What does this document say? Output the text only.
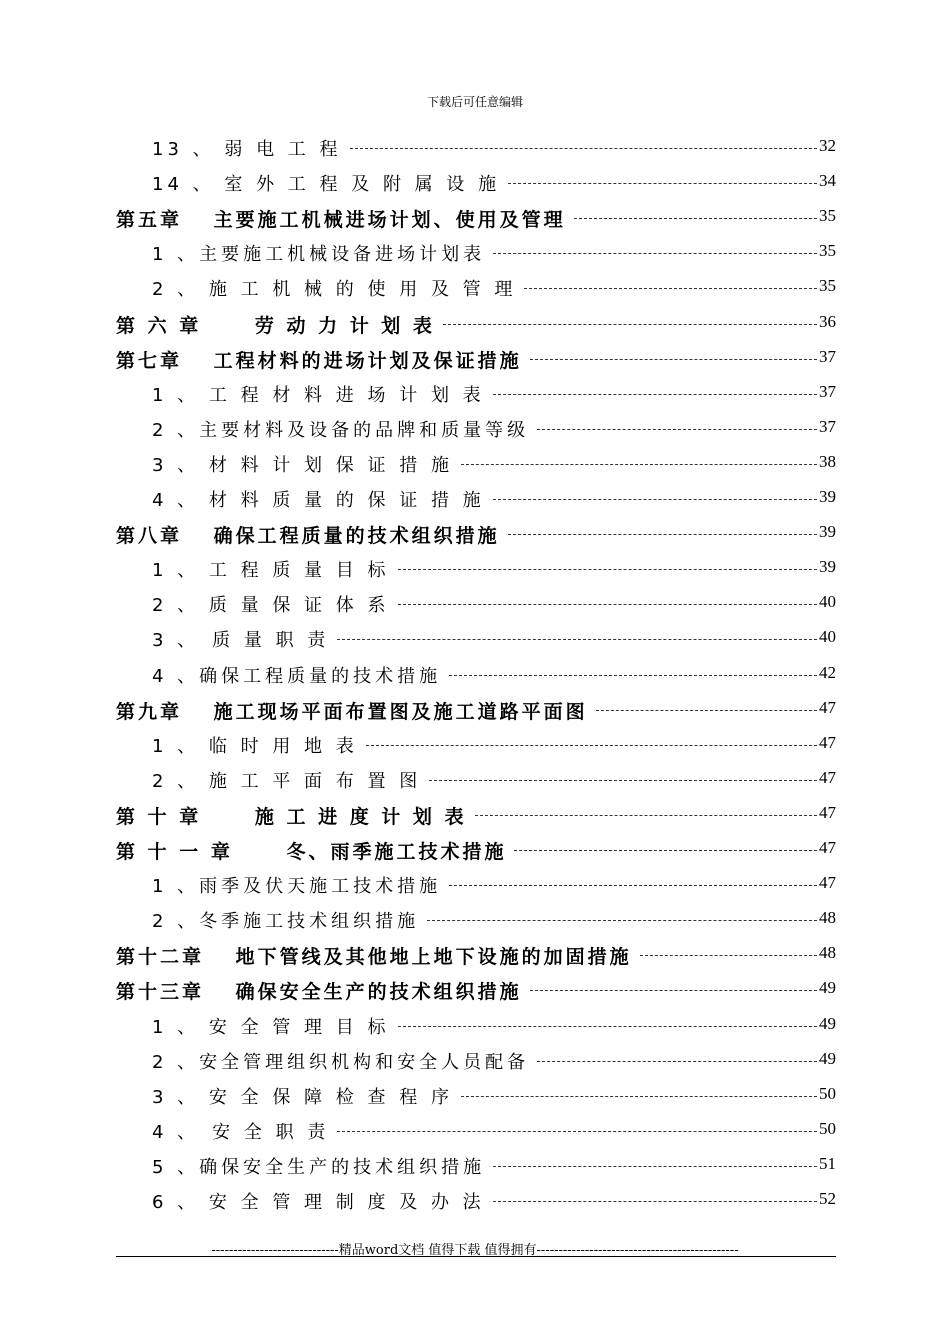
下载后可任意编辑
13 、 弱 电 工 程	32
14 、 室 外 工 程 及 附 属 设 施	34
第五章　 主要施工机械进场计划、使用及管理	35
1 、主要施工机械设备进场计划表	35
2 、 施 工 机 械 的 使 用 及 管 理	35
第 六 章　　 劳 动 力 计 划 表	36
第七章　 工程材料的进场计划及保证措施	37
1 、 工 程 材 料 进 场 计 划 表	37
2 、主要材料及设备的品牌和质量等级	37
3 、 材 料 计 划 保 证 措 施	38
4 、 材 料 质 量 的 保 证 措 施	39
第八章　 确保工程质量的技术组织措施	39
1 、 工 程 质 量 目 标	39
2 、 质 量 保 证 体 系	40
3 、　质 量 职 责	40
4 、确保工程质量的技术措施	42
第九章　 施工现场平面布置图及施工道路平面图	47
1 、 临 时 用 地 表	47
2 、 施 工 平 面 布 置 图	47
第 十 章　　 施 工 进 度 计 划 表	47
第 十 一 章　　 冬、雨季施工技术措施	47
1 、雨季及伏天施工技术措施	47
2 、冬季施工技术组织措施	48
第十二章　 地下管线及其他地上地下设施的加固措施	48
第十三章　 确保安全生产的技术组织措施	49
1 、 安 全 管 理 目 标	49
2 、安全管理组织机构和安全人员配备	49
3 、 安 全 保 障 检 查 程 序	50
4 、　安 全 职 责	50
5 、确保安全生产的技术组织措施	51
6 、 安 全 管 理 制 度 及 办 法	52
-----------------------------精品word文档 值得下载 值得拥有----------------------------------------------
